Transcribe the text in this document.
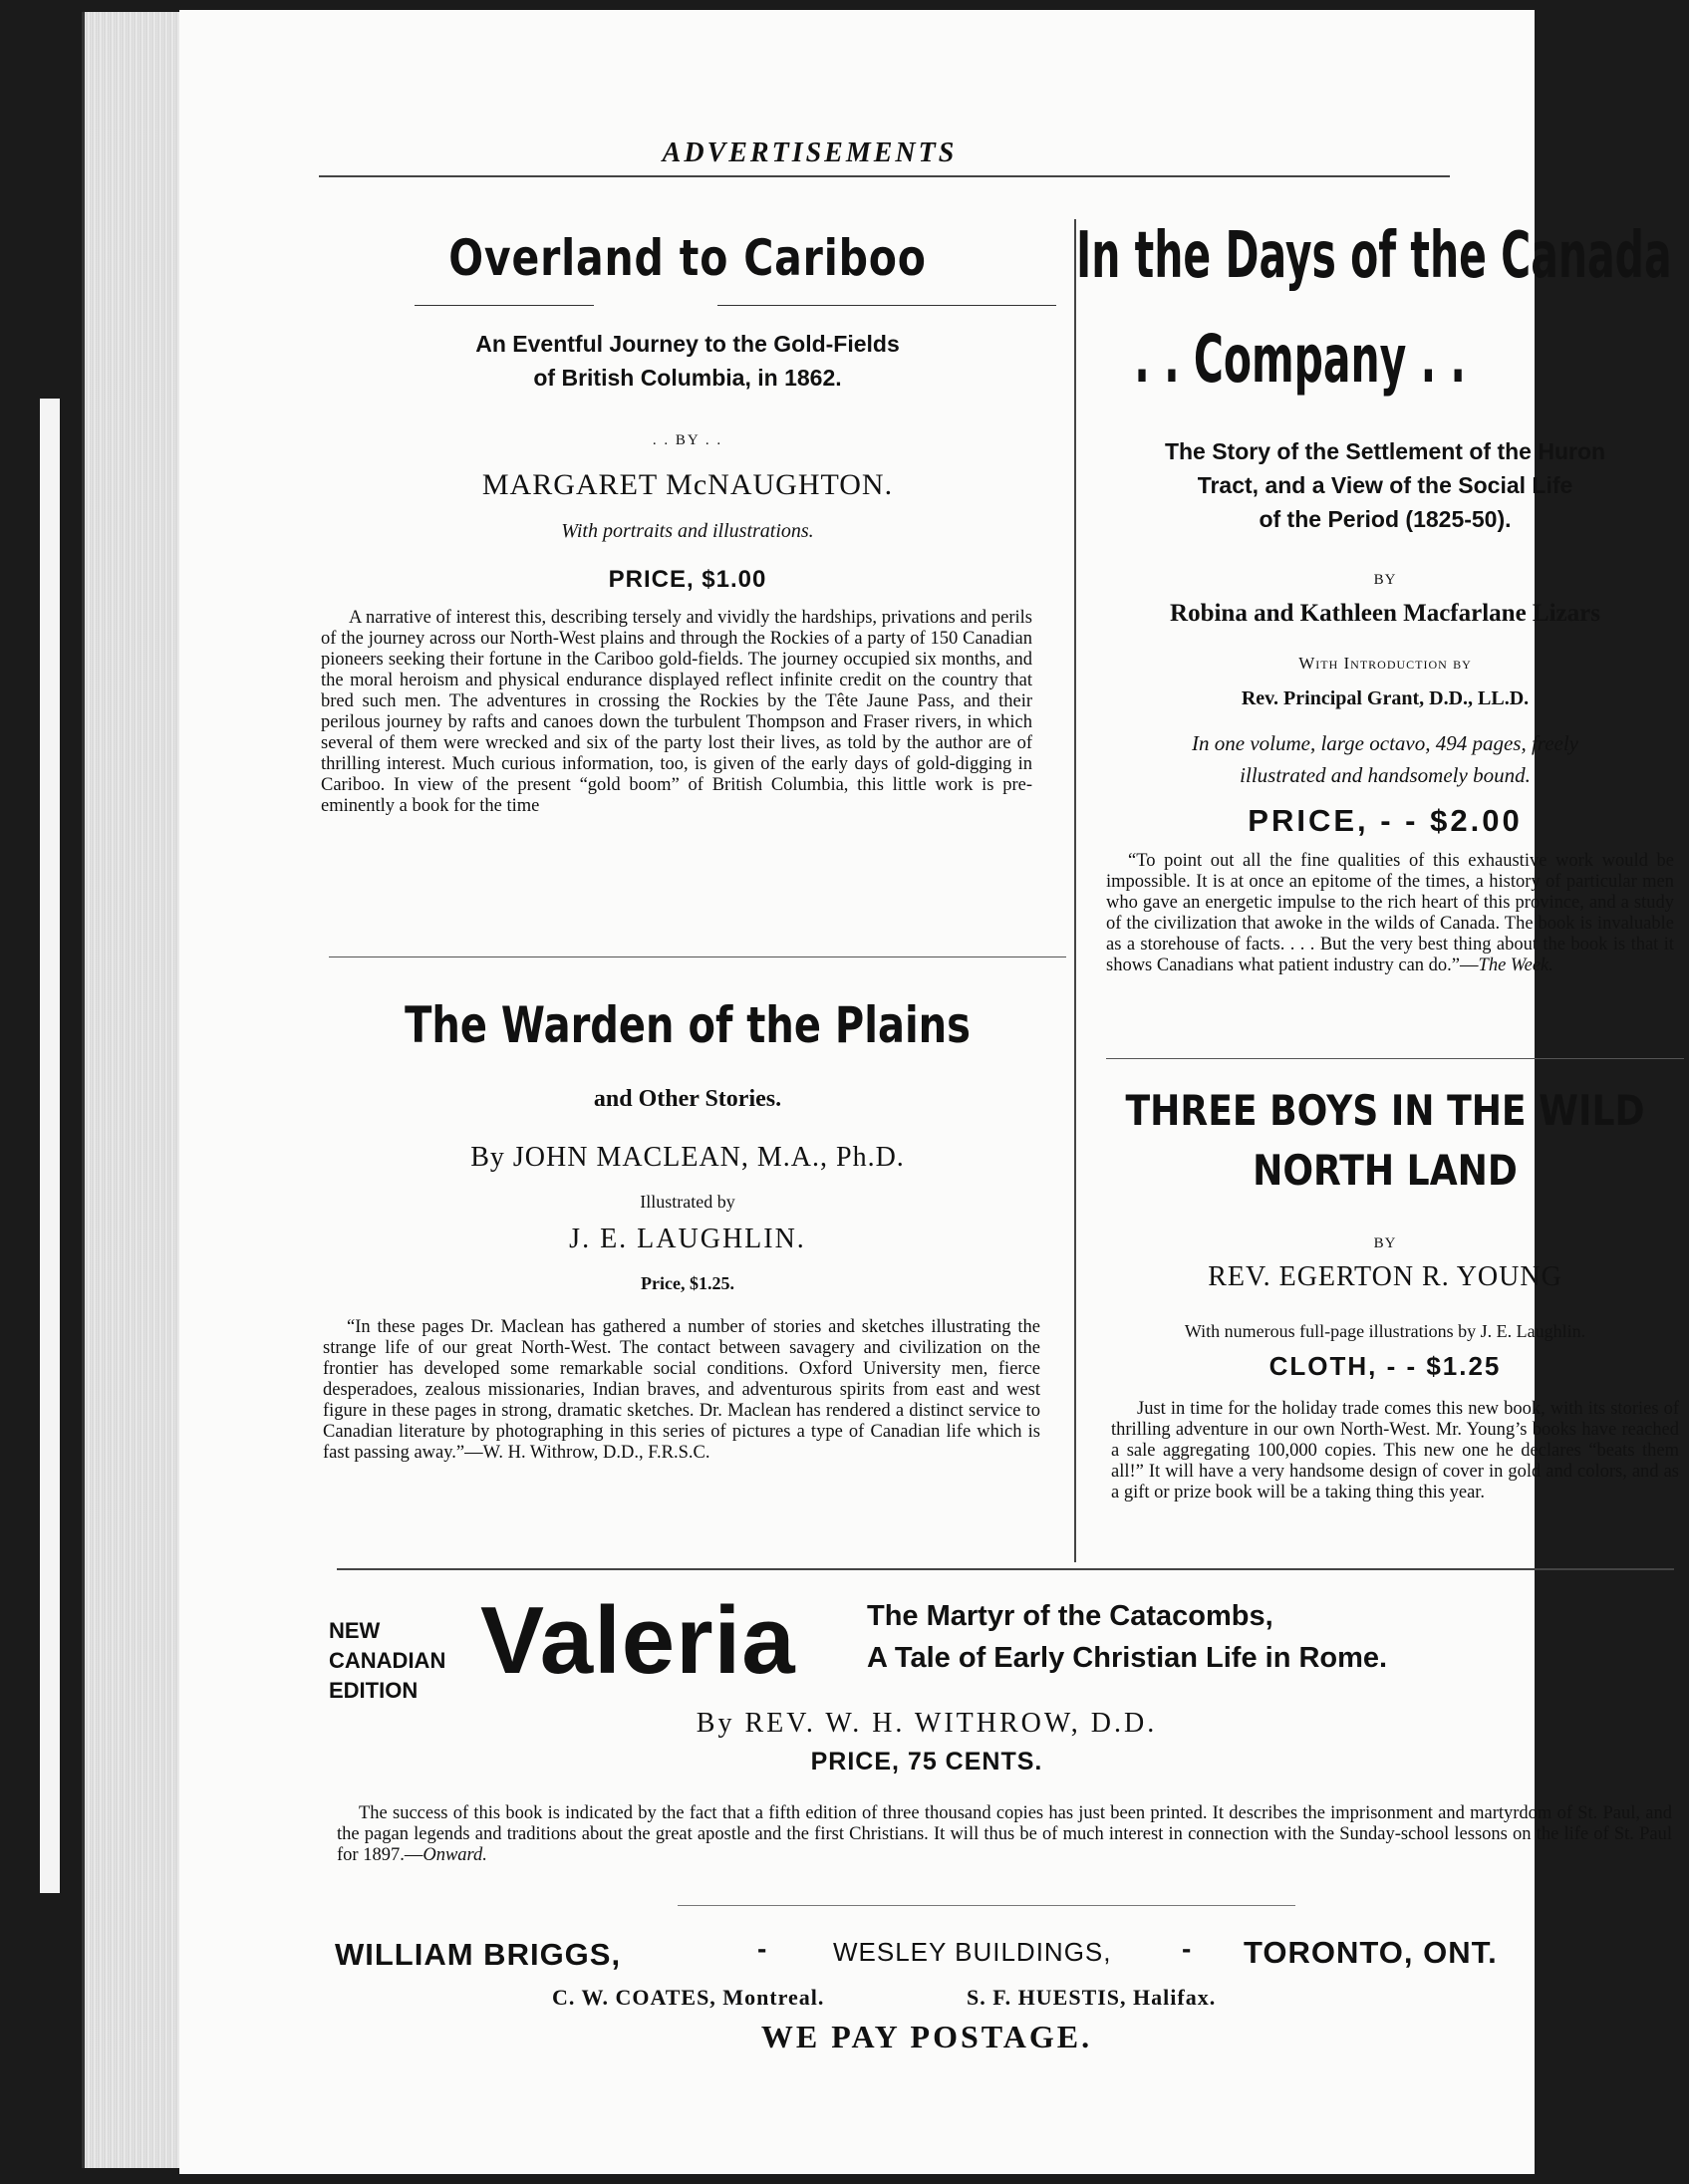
ADVERTISEMENTS
Overland to Cariboo
An Eventful Journey to the Gold-Fields
of British Columbia, in 1862.
. . BY . .
MARGARET McNAUGHTON.
With portraits and illustrations.
PRICE, $1.00
A narrative of interest this, describing tersely and vividly the hardships, privations and perils of the journey across our North-West plains and through the Rockies of a party of 150 Canadian pioneers seeking their fortune in the Cariboo gold-fields. The journey occupied six months, and the moral heroism and physical endurance displayed reflect infinite credit on the country that bred such men. The adventures in crossing the Rockies by the Tête Jaune Pass, and their perilous journey by rafts and canoes down the turbulent Thompson and Fraser rivers, in which several of them were wrecked and six of the party lost their lives, as told by the author are of thrilling interest. Much curious information, too, is given of the early days of gold-digging in Cariboo. In view of the present “gold boom” of British Columbia, this little work is pre-eminently a book for the time
The Warden of the Plains
and Other Stories.
By JOHN MACLEAN, M.A., Ph.D.
Illustrated by
J. E. LAUGHLIN.
Price, $1.25.
“In these pages Dr. Maclean has gathered a number of stories and sketches illustrating the strange life of our great North-West. The contact between savagery and civilization on the frontier has developed some remarkable social conditions. Oxford University men, fierce desperadoes, zealous missionaries, Indian braves, and adventurous spirits from east and west figure in these pages in strong, dramatic sketches. Dr. Maclean has rendered a distinct service to Canadian literature by photographing in this series of pictures a type of Canadian life which is fast passing away.”—W. H. Withrow, D.D., F.R.S.C.
In the Days of the Canada
. . Company . .
The Story of the Settlement of the Huron
Tract, and a View of the Social Life
of the Period (1825-50).
BY
Robina and Kathleen Macfarlane Lizars
With Introduction by
Rev. Principal Grant, D.D., LL.D.
In one volume, large octavo, 494 pages, freely
illustrated and handsomely bound.
PRICE, - - $2.00
“To point out all the fine qualities of this exhaustive work would be impossible. It is at once an epitome of the times, a history of particular men who gave an energetic impulse to the rich heart of this province, and a study of the civilization that awoke in the wilds of Canada. The book is invaluable as a storehouse of facts. . . . But the very best thing about the book is that it shows Canadians what patient industry can do.”—The Week.
THREE BOYS IN THE WILD
NORTH LAND
BY
REV. EGERTON R. YOUNG
With numerous full-page illustrations by J. E. Laughlin.
CLOTH, - - $1.25
Just in time for the holiday trade comes this new book, with its stories of thrilling adventure in our own North-West. Mr. Young’s books have reached a sale aggregating 100,000 copies. This new one he declares “beats them all!” It will have a very handsome design of cover in gold and colors, and as a gift or prize book will be a taking thing this year.
NEW
CANADIAN
EDITION Valeria The Martyr of the Catacombs,
A Tale of Early Christian Life in Rome.
By REV. W. H. WITHROW, D.D.
PRICE, 75 CENTS.
The success of this book is indicated by the fact that a fifth edition of three thousand copies has just been printed. It describes the imprisonment and martyrdom of St. Paul, and the pagan legends and traditions about the great apostle and the first Christians. It will thus be of much interest in connection with the Sunday-school lessons on the life of St. Paul for 1897.—Onward.
WILLIAM BRIGGS,	-	WESLEY BUILDINGS,	- TORONTO, ONT.
C. W. COATES, Montreal.	S. F. HUESTIS, Halifax.
WE PAY POSTAGE.
